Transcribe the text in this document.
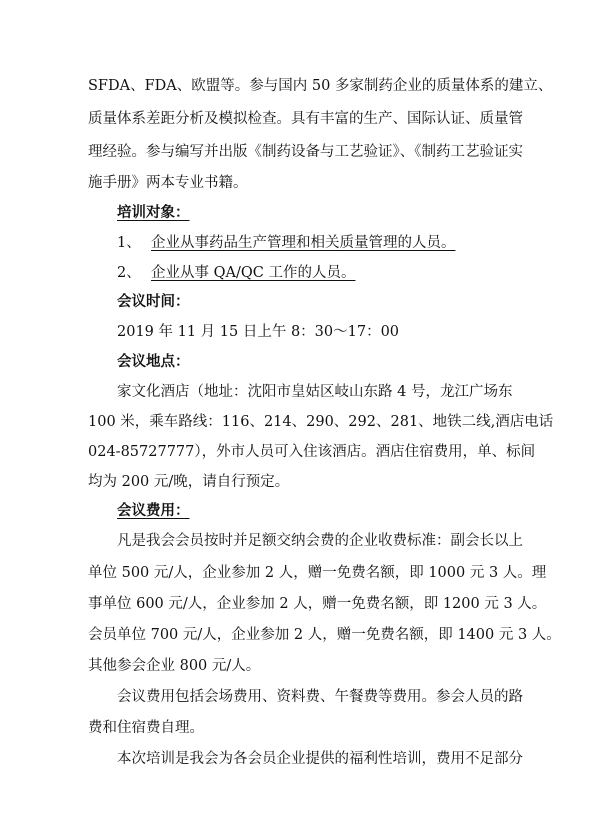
SFDA、FDA、欧盟等。参与国内 50 多家制药企业的质量体系的建立、
质量体系差距分析及模拟检查。具有丰富的生产、国际认证、质量管
理经验。参与编写并出版《制药设备与工艺验证》、《制药工艺验证实
施手册》两本专业书籍。
培训对象：
1、 企业从事药品生产管理和相关质量管理的人员。
2、 企业从事 QA/QC 工作的人员。
会议时间：
2019 年 11 月 15 日上午 8：30～17：00
会议地点：
家文化酒店（地址：沈阳市皇姑区岐山东路 4 号，龙江广场东
100 米，乘车路线：116、214、290、292、281、地铁二线,酒店电话
024-85727777），外市人员可入住该酒店。酒店住宿费用，单、标间
均为 200 元/晚，请自行预定。
会议费用：
凡是我会会员按时并足额交纳会费的企业收费标准：副会长以上
单位 500 元/人，企业参加 2 人，赠一免费名额，即 1000 元 3 人。理
事单位 600 元/人，企业参加 2 人，赠一免费名额，即 1200 元 3 人。
会员单位 700 元/人，企业参加 2 人，赠一免费名额，即 1400 元 3 人。
其他参会企业 800 元/人。
会议费用包括会场费用、资料费、午餐费等费用。参会人员的路
费和住宿费自理。
本次培训是我会为各会员企业提供的福利性培训，费用不足部分
